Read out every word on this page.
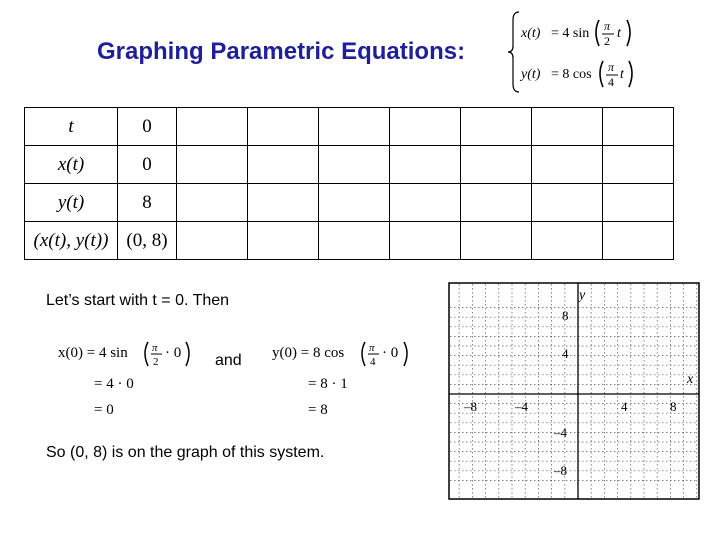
Graphing Parametric Equations:
x(t) = 4 sin π
2 t
y(t) = 8 cos π
4 t
t	0							
x(t)	0							
y(t)	8							
(x(t), y(t))	(0, 8)							
Let’s start with t = 0. Then
x(0) = 4 sin π
2
· 0
= 4 · 0
= 0
and y(0) = 8 cos π
4
· 0
= 8 · 1
= 8
So (0, 8) is on the graph of this system.
y
x
–8	–4	4	8
8
4
–4
–8
